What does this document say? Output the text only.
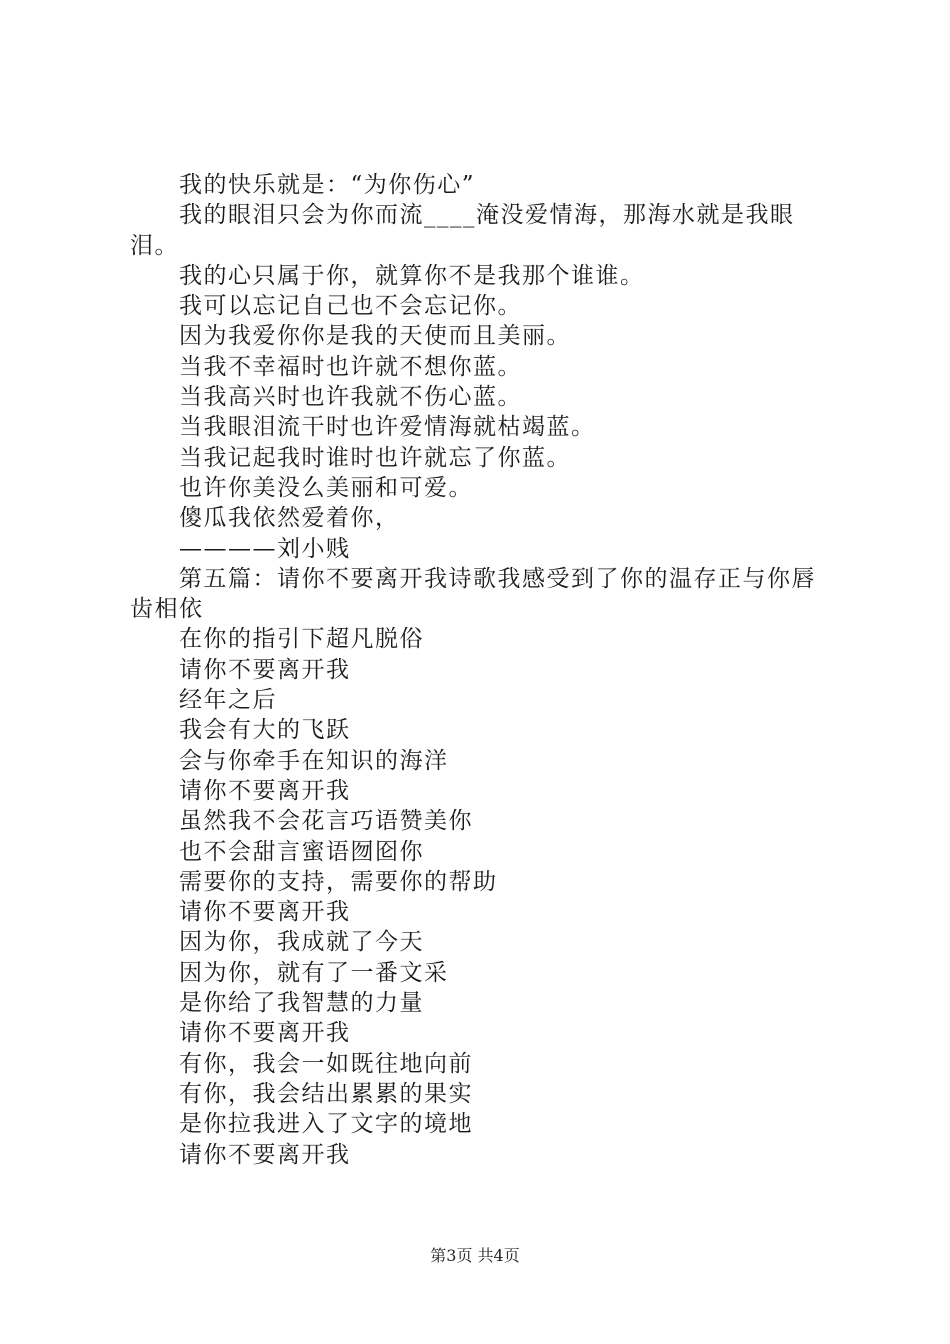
我的快乐就是：“为你伤心”

我的眼泪只会为你而流____淹没爱情海，那海水就是我眼泪。

我的心只属于你，就算你不是我那个谁谁。

我可以忘记自己也不会忘记你。

因为我爱你你是我的天使而且美丽。

当我不幸福时也许就不想你蓝。

当我高兴时也许我就不伤心蓝。

当我眼泪流干时也许爱情海就枯竭蓝。

当我记起我时谁时也许就忘了你蓝。

也许你美没么美丽和可爱。

傻瓜我依然爱着你，

————刘小贱

第五篇：请你不要离开我诗歌我感受到了你的温存正与你唇齿相依

在你的指引下超凡脱俗

请你不要离开我

经年之后

我会有大的飞跃

会与你牵手在知识的海洋

请你不要离开我

虽然我不会花言巧语赞美你

也不会甜言蜜语囫囵你

需要你的支持，需要你的帮助

请你不要离开我

因为你，我成就了今天

因为你，就有了一番文采

是你给了我智慧的力量

请你不要离开我

有你，我会一如既往地向前

有你，我会结出累累的果实

是你拉我进入了文字的境地

请你不要离开我

第3页 共4页
